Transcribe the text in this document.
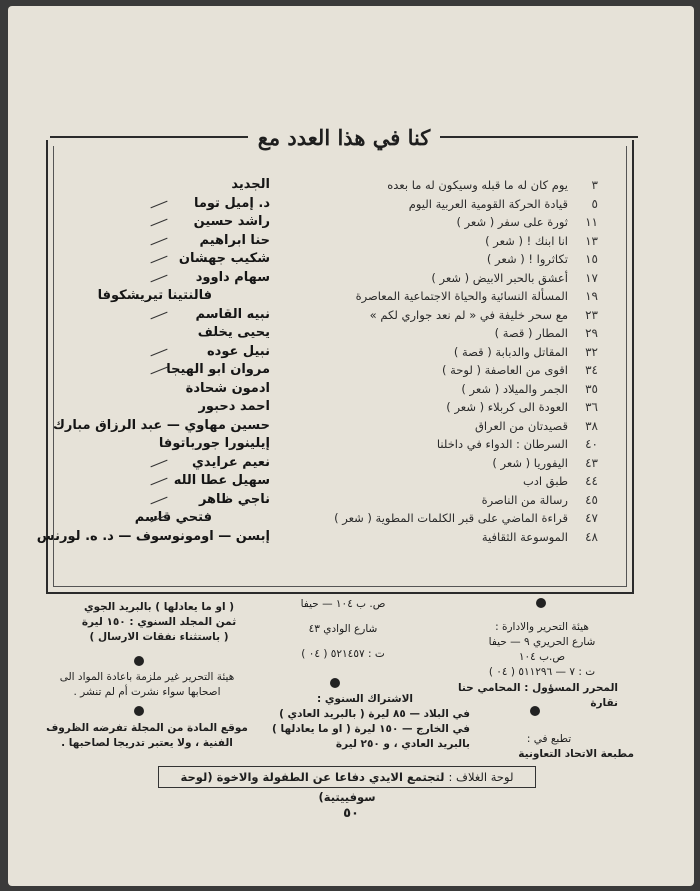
كنا في هذا العدد مع
٣
يوم كان له ما قبله وسيكون له ما بعده
الجديد
٥
قيادة الحركة القومية العربية اليوم
د. إميل توما
١١
ثورة على سفر ( شعر )
راشد حسين
١٣
انا ابنك ! ( شعر )
حنا ابراهيم
١٥
تكاثروا ! ( شعر )
شكيب جهشان
١٧
أعشق بالحبر الابيض ( شعر )
سهام داوود
١٩
المسألة النسائية والحياة الاجتماعية المعاصرة
فالنتينا تيريشكوفا
٢٣
مع سحر خليفة في « لم نعد جواري لكم »
نبيه القاسم
٢٩
المطار ( قصة )
يحيى يخلف
٣٢
المقاتل والدبابة ( قصة )
نبيل عوده
٣٤
اقوى من العاصفة ( لوحة )
مروان ابو الهيجا
٣٥
الجمر والميلاد ( شعر )
ادمون شحادة
٣٦
العودة الى كربلاء ( شعر )
احمد دحبور
٣٨
قصيدتان من العراق
حسين مهاوي — عبد الرزاق مبارك
٤٠
السرطان : الدواء في داخلنا
إيلينورا جورباتوفا
٤٣
اليفوريا ( شعر )
نعيم عرايدي
٤٤
طبق ادب
سهيل عطا الله
٤٥
رسالة من الناصرة
ناجي ظاهر
٤٧
قراءة الماضي على قبر الكلمات المطوية ( شعر )
فتحي قاسم
٤٨
الموسوعة الثقافية
إبسن — اومونوسوف — د. ه. لورنس
هيئة التحرير والادارة :
شارع الحريري ٩ — حيفا
ص.ب ١٠٤
ت : ٧ — ٥١١٢٩٦ ( ٠٤ )
المحرر المسؤول : المحامي حنا نقارة
ص. ب ١٠٤ — حيفا
شارع الوادي ٤٣
ت : ٥٢١٤٥٧ ( ٠٤ )
( او ما يعادلها ) بالبريد الجوي
ثمن المجلد السنوي : ١٥٠ ليرة
( باستثناء نفقات الارسال )
هيئة التحرير غير ملزمة باعادة المواد الى
اصحابها سواء نشرت أم لم تنشر .
الاشتراك السنوي :
في البلاد — ٨٥ ليرة ( بالبريد العادي )
في الخارج — ١٥٠ ليرة ( او ما يعادلها )
بالبريد العادي ، و ٢٥٠ ليرة
موقع المادة من المجلة تفرضه الظروف
الفنية ، ولا يعتبر تدريجا لصاحبها .	تطبع في :
مطبعة الاتحاد التعاونية
لوحة الغلاف : لتجتمع الايدي دفاعا عن الطفولة والاخوة (لوحة سوفييتية)
٥٠
